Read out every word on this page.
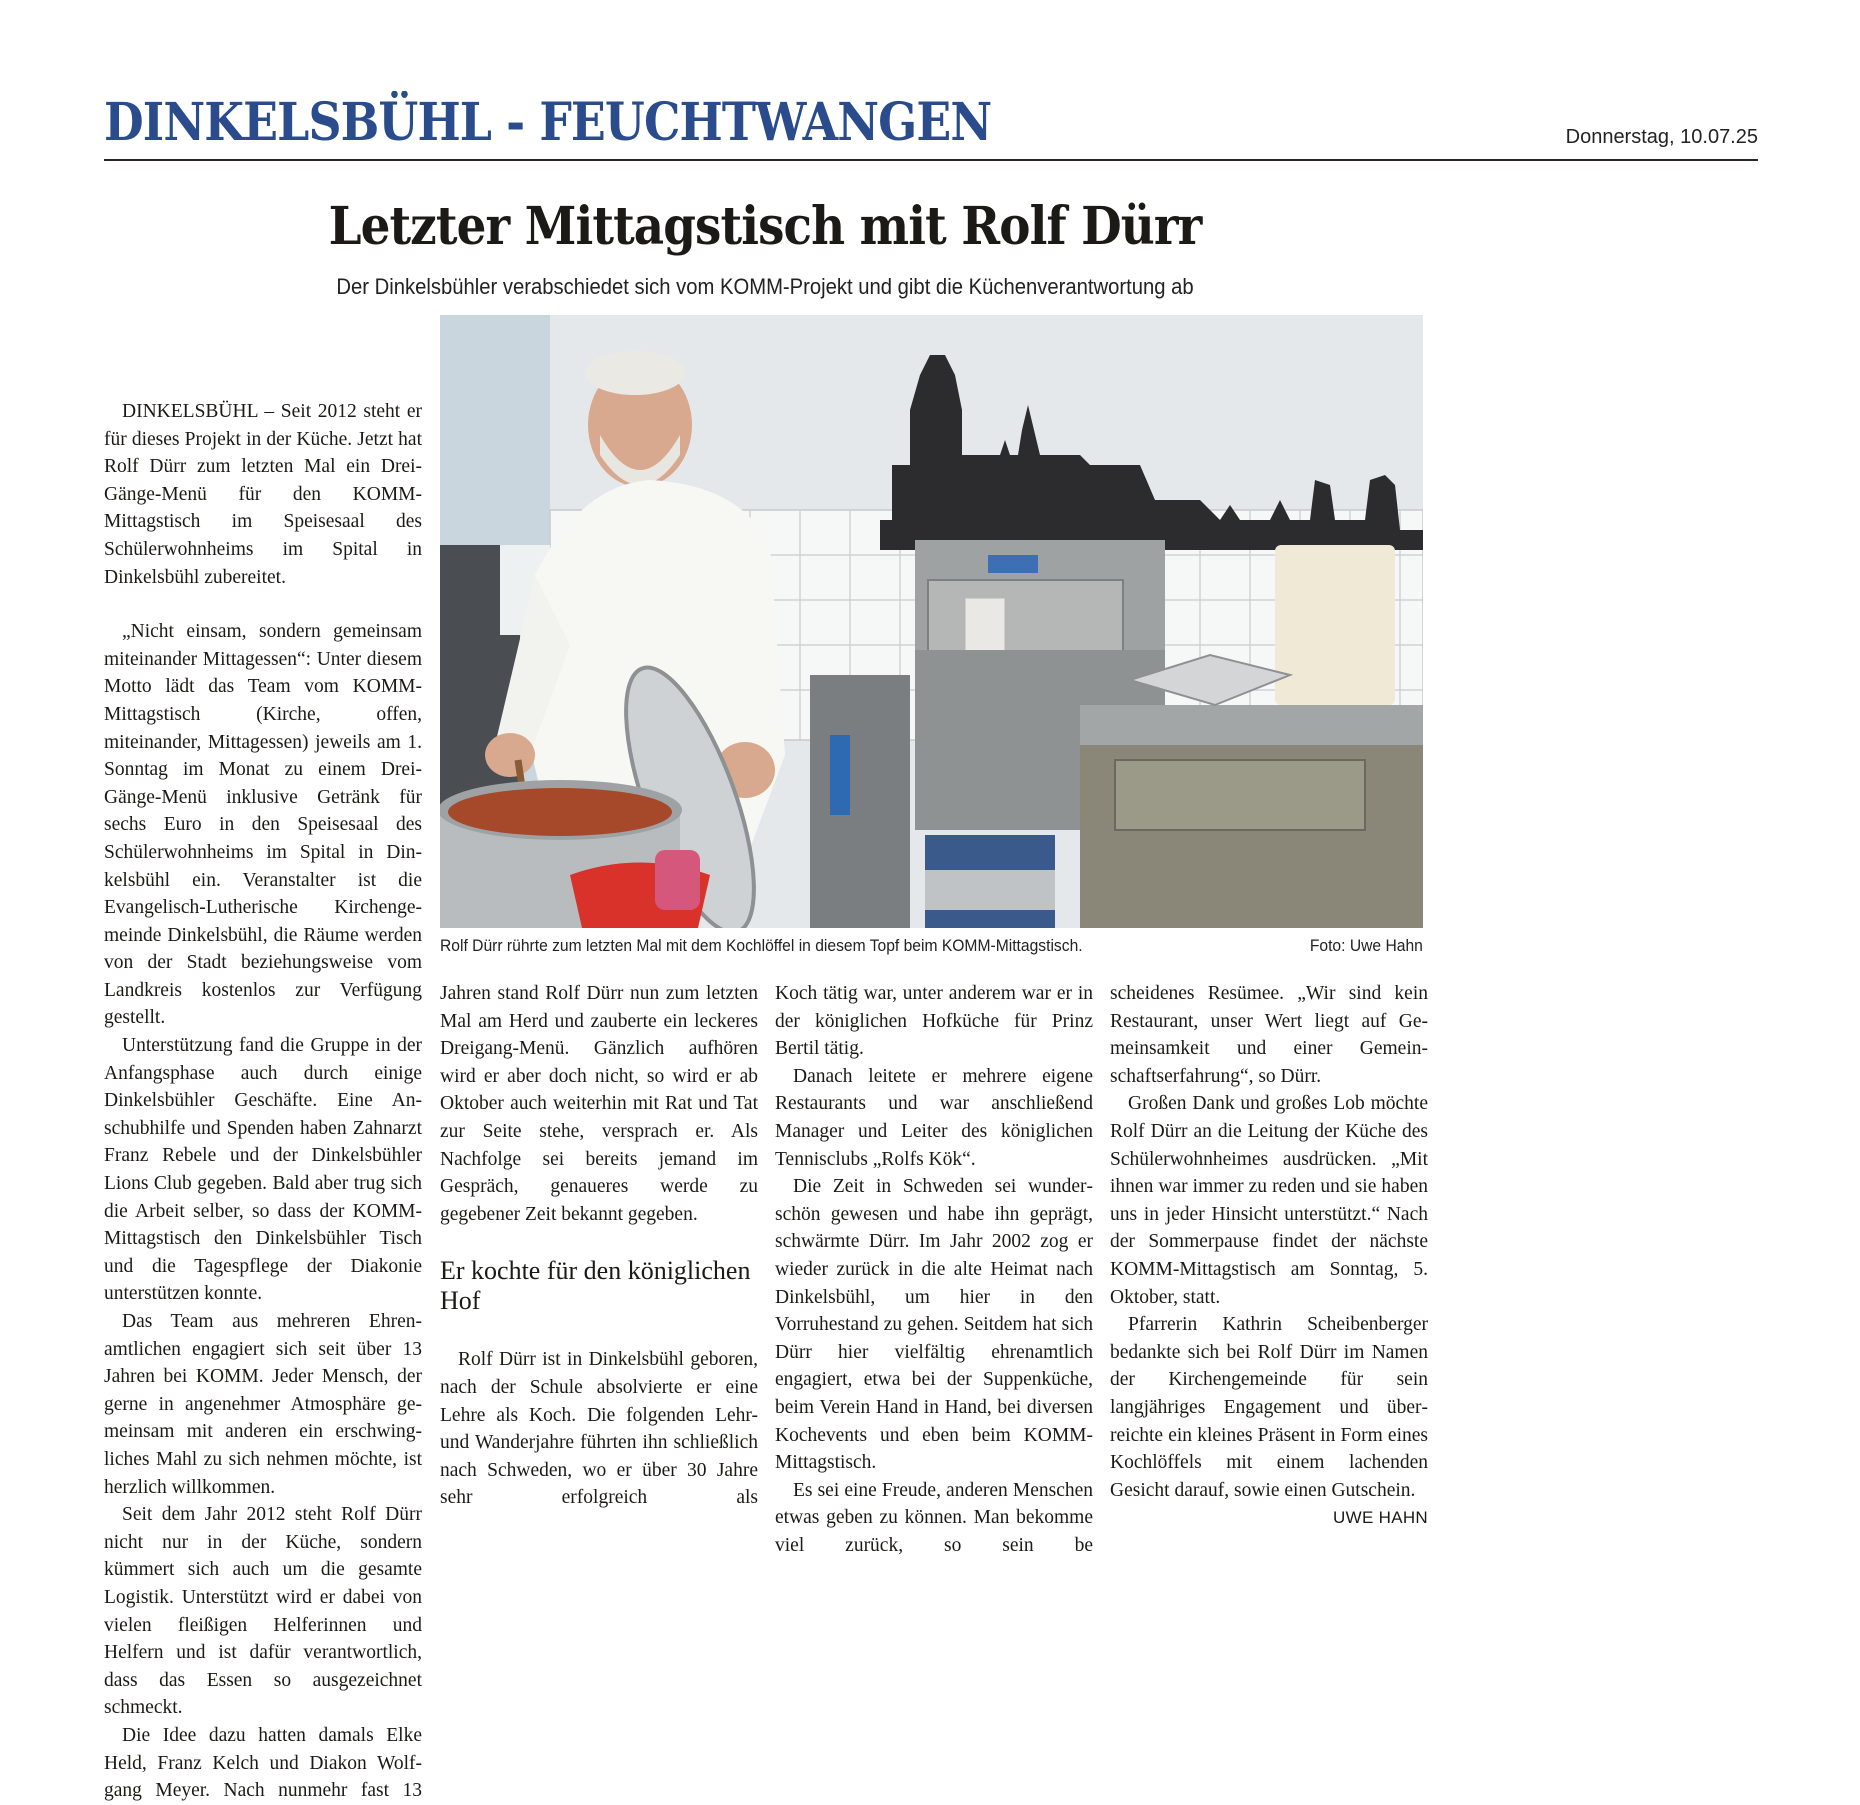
DINKELSBÜHL - FEUCHTWANGEN	Donnerstag, 10.07.25
Letzter Mittagstisch mit Rolf Dürr
Der Dinkelsbühler verabschiedet sich vom KOMM-Projekt und gibt die Küchenverantwortung ab

DINKELSBÜHL – Seit 2012 steht er für dieses Projekt in der Küche. Jetzt hat Rolf Dürr zum letzten Mal ein Drei-Gänge-Menü für den KOMM-Mittagstisch im Speisesaal des Schülerwohnheims im Spital in Dinkelsbühl zubereitet.

„Nicht einsam, sondern gemeinsam miteinander Mittagessen“: Unter diesem Motto lädt das Team vom KOMM-Mittagstisch (Kirche, offen, miteinander, Mittagessen) jeweils am 1. Sonntag im Monat zu einem Drei-Gänge-Menü inklusive Getränk für sechs Euro in den Speisesaal des Schülerwohnheims im Spital in Dinkelsbühl ein. Veranstalter ist die Evangelisch-Lutherische Kirchengemeinde Dinkelsbühl, die Räume werden von der Stadt beziehungsweise vom Landkreis kostenlos zur Verfügung gestellt.

Unterstützung fand die Gruppe in der Anfangsphase auch durch einige Dinkelsbühler Geschäfte. Eine Anschubhilfe und Spenden haben Zahnarzt Franz Rebele und der Dinkelsbühler Lions Club gegeben. Bald aber trug sich die Arbeit selber, so dass der KOMM-Mittagstisch den Dinkelsbühler Tisch und die Tagespflege der Diakonie unterstützen konnte.

Das Team aus mehreren Ehrenamtlichen engagiert sich seit über 13 Jahren bei KOMM. Jeder Mensch, der gerne in angenehmer Atmosphäre gemeinsam mit anderen ein erschwingliches Mahl zu sich nehmen möchte, ist herzlich willkommen.

Seit dem Jahr 2012 steht Rolf Dürr nicht nur in der Küche, sondern kümmert sich auch um die gesamte Logistik. Unterstützt wird er dabei von vielen fleißigen Helferinnen und Helfern und ist dafür verantwortlich, dass das Essen so ausgezeichnet schmeckt.

Die Idee dazu hatten damals Elke Held, Franz Kelch und Diakon Wolfgang Meyer. Nach nunmehr fast 13

Rolf Dürr rührte zum letzten Mal mit dem Kochlöffel in diesem Topf beim KOMM-Mittagstisch.	Foto: Uwe Hahn

Jahren stand Rolf Dürr nun zum letzten Mal am Herd und zauberte ein leckeres Dreigang-Menü. Gänzlich aufhören wird er aber doch nicht, so wird er ab Oktober auch weiterhin mit Rat und Tat zur Seite stehe, versprach er. Als Nachfolge sei bereits jemand im Gespräch, genaueres werde zu gegebener Zeit bekannt gegeben.

Er kochte für den königlichen Hof

Rolf Dürr ist in Dinkelsbühl geboren, nach der Schule absolvierte er eine Lehre als Koch. Die folgenden Lehr- und Wanderjahre führten ihn schließlich nach Schweden, wo er über 30 Jahre sehr erfolgreich als

Koch tätig war, unter anderem war er in der königlichen Hofküche für Prinz Bertil tätig.

Danach leitete er mehrere eigene Restaurants und war anschließend Manager und Leiter des königlichen Tennisclubs „Rolfs Kök“.

Die Zeit in Schweden sei wunderschön gewesen und habe ihn geprägt, schwärmte Dürr. Im Jahr 2002 zog er wieder zurück in die alte Heimat nach Dinkelsbühl, um hier in den Vorruhestand zu gehen. Seitdem hat sich Dürr hier vielfältig ehrenamtlich engagiert, etwa bei der Suppenküche, beim Verein Hand in Hand, bei diversen Kochevents und eben beim KOMM-Mittagstisch.

Es sei eine Freude, anderen Menschen etwas geben zu können. Man bekomme viel zurück, so sein be

scheidenes Resümee. „Wir sind kein Restaurant, unser Wert liegt auf Gemeinsamkeit und einer Gemeinschaftserfahrung“, so Dürr.

Großen Dank und großes Lob möchte Rolf Dürr an die Leitung der Küche des Schülerwohnheimes ausdrücken. „Mit ihnen war immer zu reden und sie haben uns in jeder Hinsicht unterstützt.“ Nach der Sommerpause findet der nächste KOMM-Mittagstisch am Sonntag, 5. Oktober, statt.

Pfarrerin Kathrin Scheibenberger bedankte sich bei Rolf Dürr im Namen der Kirchengemeinde für sein langjähriges Engagement und überreichte ein kleines Präsent in Form eines Kochlöffels mit einem lachenden Gesicht darauf, sowie einen Gutschein.
UWE HAHN
